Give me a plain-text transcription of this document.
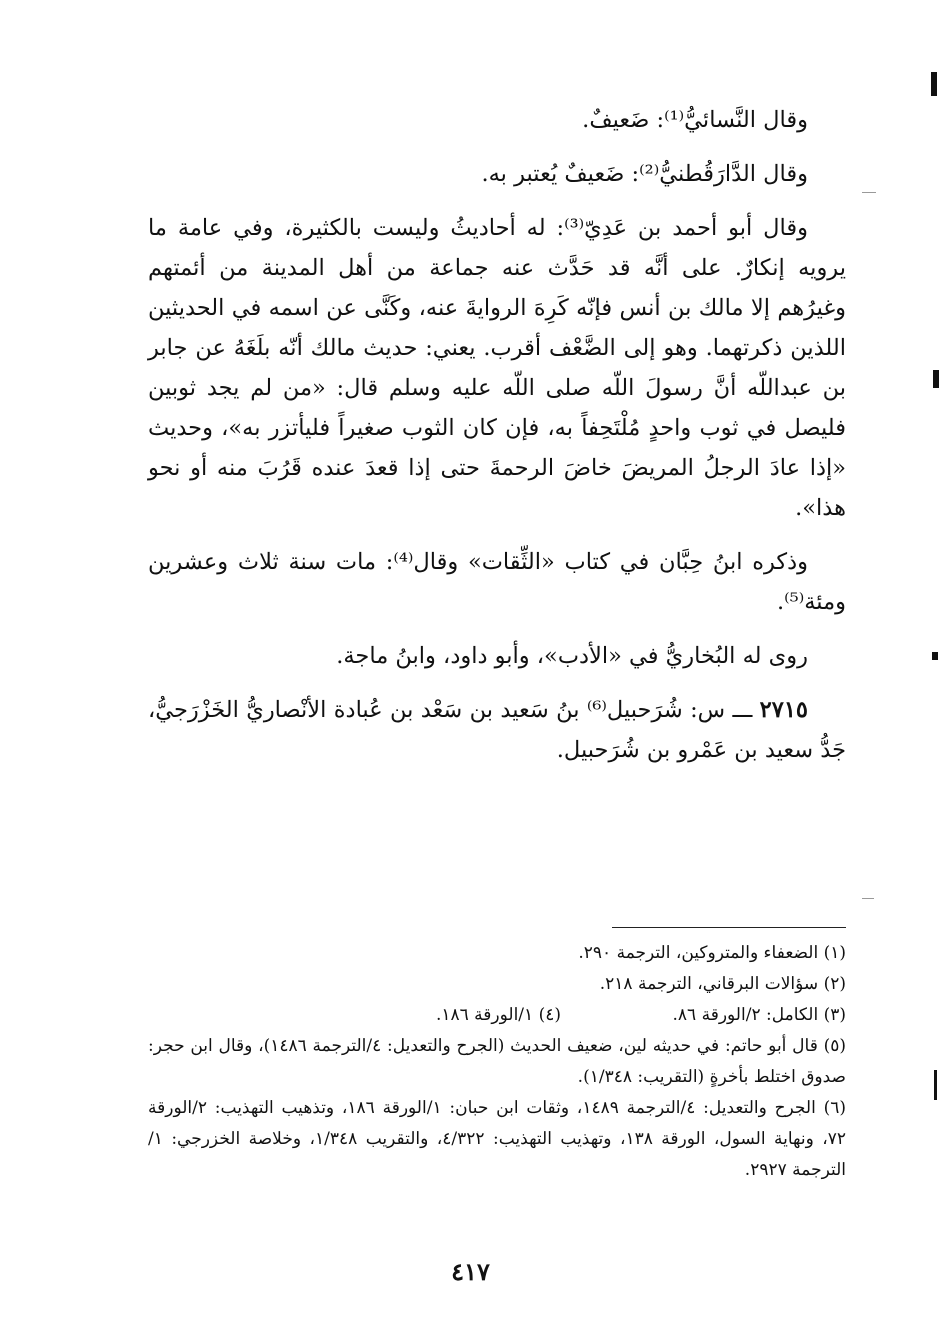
وقال النَّسائيُّ⁽¹⁾: ضَعيفٌ.

وقال الدَّارَقُطنيُّ⁽²⁾: ضَعيفٌ يُعتبر به.

وقال أبو أحمد بن عَدِيّ⁽³⁾: له أحاديثُ وليست بالكثيرة، وفي عامة ما يرويه إنكارٌ. على أنَّه قد حَدَّث عنه جماعة من أهل المدينة من أئمتهم وغيرُهم إلا مالك بن أنس فإنّه كَرِهَ الروايةَ عنه، وكَنَّى عن اسمه في الحديثين اللذين ذكرتهما. وهو إلى الضَّعْف أقرب. يعني: حديث مالك أنّه بلَغَهُ عن جابر بن عبداللّه أنَّ رسولَ اللّه صلى اللّه عليه وسلم قال: «من لم يجد ثوبين فليصل في ثوب واحدٍ مُلْتَحِفاً به، فإن كان الثوب صغيراً فليأتزر به»، وحديث «إذا عادَ الرجلُ المريضَ خاضَ الرحمةَ حتى إذا قعدَ عنده قَرُبَ منه أو نحو هذا».

وذكره ابنُ حِبَّان في كتاب «الثِّقات» وقال⁽⁴⁾: مات سنة ثلاث وعشرين ومئة⁽⁵⁾.

روى له البُخاريُّ في «الأدب»، وأبو داود، وابنُ ماجة.

٢٧١٥ ـــ س: شُرَحبيل⁽⁶⁾ بنُ سَعيد بن سَعْد بن عُبادة الأنْصاريُّ الخَزْرَجيُّ، جَدُّ سعيد بن عَمْرو بن شُرَحبيل.

(١) الضعفاء والمتروكين، الترجمة ٢٩٠.

(٢) سؤالات البرقاني، الترجمة ٢١٨.

(٣) الكامل: ٢/الورقة ٨٦.
(٤) ١/الورقة ١٨٦.

(٥) قال أبو حاتم: في حديثه لين، ضعيف الحديث (الجرح والتعديل: ٤/الترجمة ١٤٨٦)، وقال ابن حجر: صدوق اختلط بأخرةٍ (التقريب: ١/٣٤٨).

(٦) الجرح والتعديل: ٤/الترجمة ١٤٨٩، وثقات ابن حبان: ١/الورقة ١٨٦، وتذهيب التهذيب: ٢/الورقة ٧٢، ونهاية السول، الورقة ١٣٨، وتهذيب التهذيب: ٤/٣٢٢، والتقريب ١/٣٤٨، وخلاصة الخزرجي: ١/الترجمة ٢٩٢٧.

٤١٧
